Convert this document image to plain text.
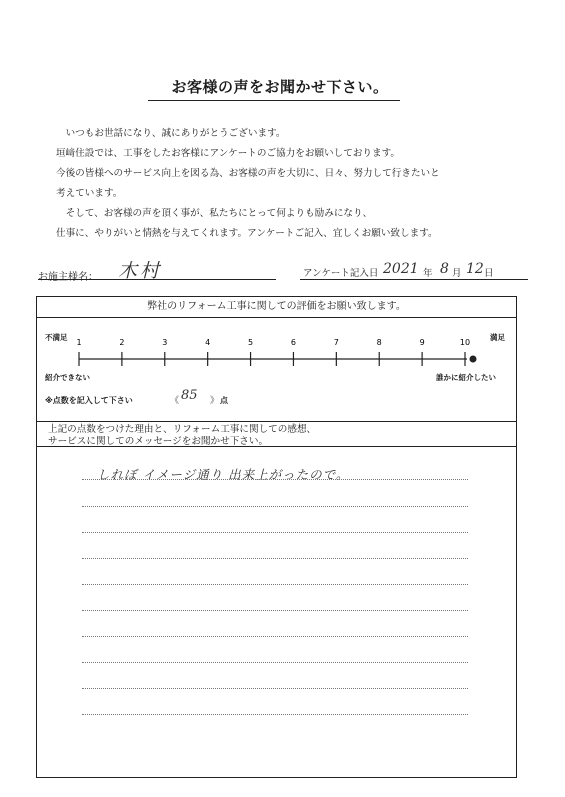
お客様の声をお聞かせ下さい。

　いつもお世話になり、誠にありがとうございます。

垣﨑住設では、工事をしたお客様にアンケートのご協力をお願いしております。

今後の皆様へのサービス向上を図る為、お客様の声を大切に、日々、努力して行きたいと

考えています。

　そして、お客様の声を頂く事が、私たちにとって何よりも励みになり、

仕事に、やりがいと情熱を与えてくれます。アンケートご記入、宜しくお願い致します。

お施主様名： 木村	アンケート記入日 2021 年 8 月 12 日
弊社のリフォーム工事に関しての評価をお願い致します。
1	2	3	4	5	6	7	8	9	10
不満足	満足
紹介できない	誰かに紹介したい
※点数を記入して下さい	《 85 》 点

上記の点数をつけた理由と、リフォーム工事に関しての感想、

サービスに関してのメッセージをお聞かせ下さい。

しれぼ イメージ通り 出来上がったので。
